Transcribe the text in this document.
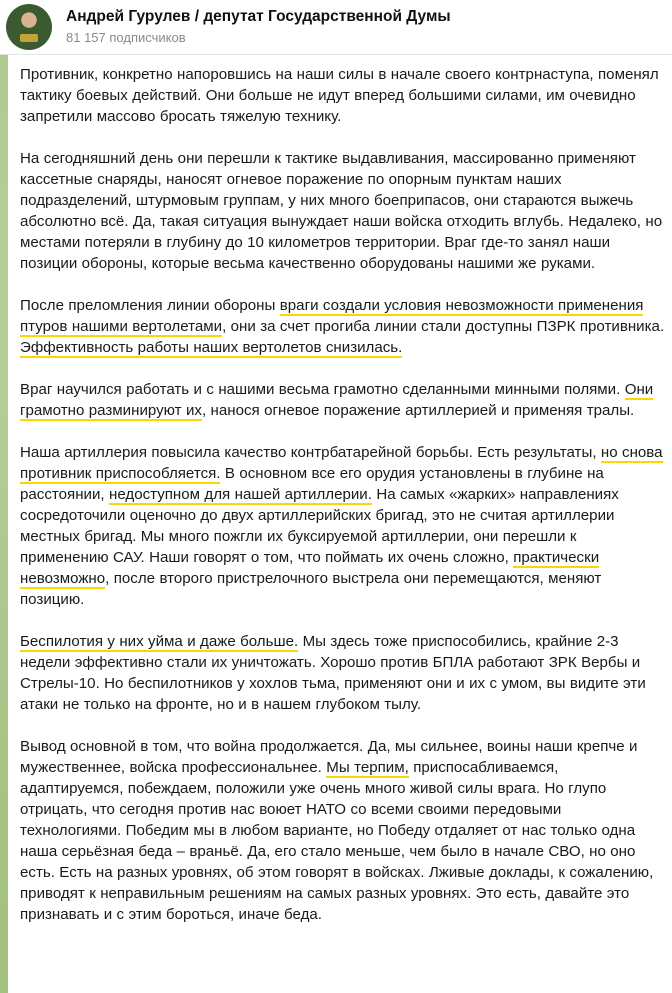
Андрей Гурулев / депутат Государственной Думы
81 157 подписчиков

Противник, конкретно напоровшись на наши силы в начале своего контрнаступа, поменял тактику боевых действий. Они больше не идут вперед большими силами, им очевидно запретили массово бросать тяжелую технику.

На сегодняшний день они перешли к тактике выдавливания, массированно применяют кассетные снаряды, наносят огневое поражение по опорным пунктам наших подразделений, штурмовым группам, у них много боеприпасов, они стараются выжечь абсолютно всё. Да, такая ситуация вынуждает наши войска отходить вглубь. Недалеко, но местами потеряли в глубину до 10 километров территории. Враг где-то занял наши позиции обороны, которые весьма качественно оборудованы нашими же руками.

После преломления линии обороны враги создали условия невозможности применения птуров нашими вертолетами, они за счет прогиба линии стали доступны ПЗРК противника. Эффективность работы наших вертолетов снизилась.

Враг научился работать и с нашими весьма грамотно сделанными минными полями. Они грамотно разминируют их, нанося огневое поражение артиллерией и применяя тралы.

Наша артиллерия повысила качество контрбатарейной борьбы. Есть результаты, но снова противник приспособляется. В основном все его орудия установлены в глубине на расстоянии, недоступном для нашей артиллерии. На самых «жарких» направлениях сосредоточили оценочно до двух артиллерийских бригад, это не считая артиллерии местных бригад. Мы много пожгли их буксируемой артиллерии, они перешли к применению САУ. Наши говорят о том, что поймать их очень сложно, практически невозможно, после второго пристрелочного выстрела они перемещаются, меняют позицию.

Беспилотия у них уйма и даже больше. Мы здесь тоже приспособились, крайние 2-3 недели эффективно стали их уничтожать. Хорошо против БПЛА работают ЗРК Вербы и Стрелы-10. Но беспилотников у хохлов тьма, применяют они и их с умом, вы видите эти атаки не только на фронте, но и в нашем глубоком тылу.

Вывод основной в том, что война продолжается. Да, мы сильнее, воины наши крепче и мужественнее, войска профессиональнее. Мы терпим, приспосабливаемся, адаптируемся, побеждаем, положили уже очень много живой силы врага. Но глупо отрицать, что сегодня против нас воюет НАТО со всеми своими передовыми технологиями. Победим мы в любом варианте, но Победу отдаляет от нас только одна наша серьёзная беда – враньё. Да, его стало меньше, чем было в начале СВО, но оно есть. Есть на разных уровнях, об этом говорят в войсках. Лживые доклады, к сожалению, приводят к неправильным решениям на самых разных уровнях. Это есть, давайте это признавать и с этим бороться, иначе беда.
